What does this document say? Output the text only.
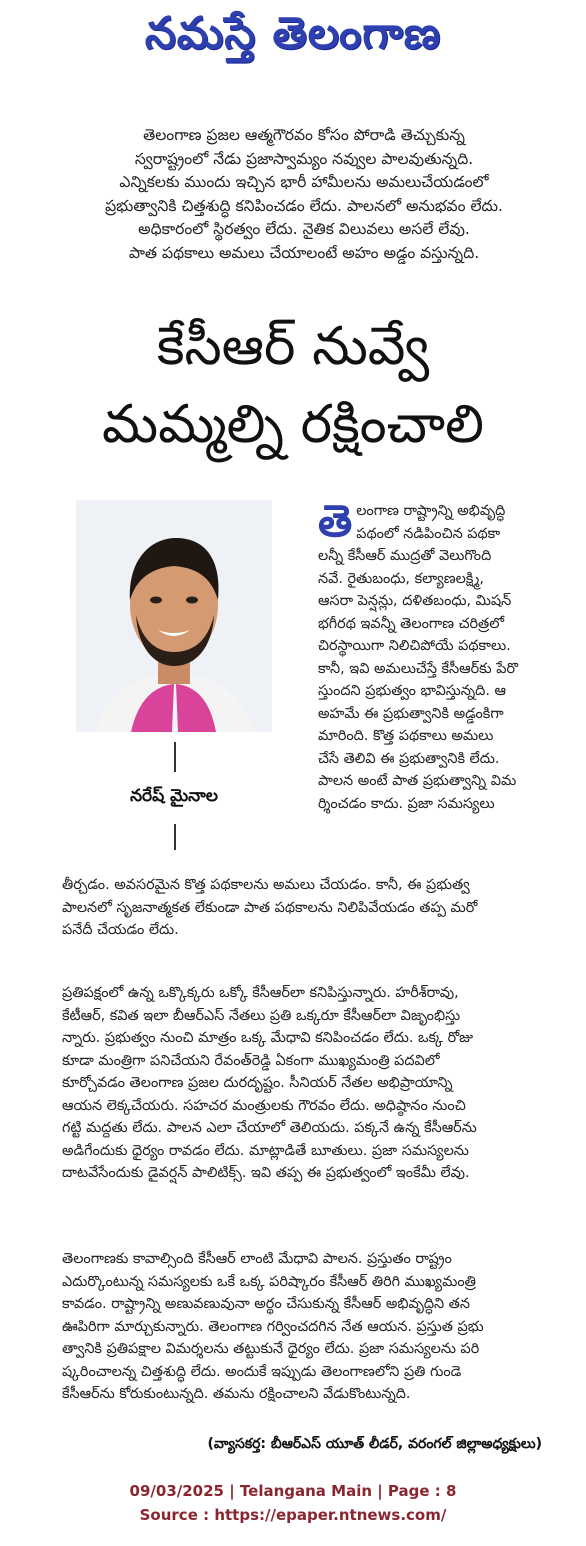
నమస్తే తెలంగాణ

తెలంగాణ ప్రజల ఆత్మగౌరవం కోసం పోరాడి తెచ్చుకున్న

స్వరాష్ట్రంలో నేడు ప్రజాస్వామ్యం నవ్వుల పాలవుతున్నది.

ఎన్నికలకు ముందు ఇచ్చిన భారీ హామీలను అమలుచేయడంలో

ప్రభుత్వానికి చిత్తశుద్ధి కనిపించడం లేదు. పాలనలో అనుభవం లేదు.

అధికారంలో స్థిరత్వం లేదు. నైతిక విలువలు అసలే లేవు.

పాత పథకాలు అమలు చేయాలంటే అహం అడ్డం వస్తున్నది.

కేసీఆర్ నువ్వే
మమ్మల్ని రక్షించాలి
నరేష్ మైనాల
తె లంగాణ రాష్ట్రాన్ని అభివృద్ధి

పథంలో నడిపించిన పథకా

లన్నీ కేసీఆర్ ముద్రతో వెలుగొంది

నవే. రైతుబంధు, కల్యాణలక్ష్మి,

ఆసరా పెన్షన్లు, దళితబంధు, మిషన్

భగీరథ ఇవన్నీ తెలంగాణ చరిత్రలో

చిరస్థాయిగా నిలిచిపోయే పథకాలు.

కానీ, ఇవి అమలుచేస్తే కేసీఆర్‌కు పేరొ

స్తుందని ప్రభుత్వం భావిస్తున్నది. ఆ

అహమే ఈ ప్రభుత్వానికి అడ్డంకిగా

మారింది. కొత్త పథకాలు అమలు

చేసే తెలివి ఈ ప్రభుత్వానికి లేదు.

పాలన అంటే పాత ప్రభుత్వాన్ని విమ

ర్శించడం కాదు. ప్రజా సమస్యలు

తీర్చడం. అవసరమైన కొత్త పథకాలను అమలు చేయడం. కానీ, ఈ ప్రభుత్వ

పాలనలో సృజనాత్మకత లేకుండా పాత పథకాలను నిలిపివేయడం తప్ప మరో

పనేదీ చేయడం లేదు.

ప్రతిపక్షంలో ఉన్న ఒక్కొక్కరు ఒక్కో కేసీఆర్‌లా కనిపిస్తున్నారు. హరీశ్‌రావు,

కేటీఆర్, కవిత ఇలా బీఆర్‌ఎస్ నేతలు ప్రతి ఒక్కరూ కేసీఆర్‌లా విజృంభిస్తు

న్నారు. ప్రభుత్వం నుంచి మాత్రం ఒక్క మేధావి కనిపించడం లేదు. ఒక్క రోజు

కూడా మంత్రిగా పనిచేయని రేవంత్‌రెడ్డి ఏకంగా ముఖ్యమంత్రి పదవిలో

కూర్చోవడం తెలంగాణ ప్రజల దురదృష్టం. సీనియర్ నేతల అభిప్రాయాన్ని

ఆయన లెక్కచేయరు. సహచర మంత్రులకు గౌరవం లేదు. అధిష్ఠానం నుంచి

గట్టి మద్దతు లేదు. పాలన ఎలా చేయాలో తెలియదు. పక్కనే ఉన్న కేసీఆర్‌ను

అడిగేందుకు ధైర్యం రావడం లేదు. మాట్లాడితే బూతులు. ప్రజా సమస్యలను

దాటవేసేందుకు డైవర్షన్ పాలిటిక్స్. ఇవి తప్ప ఈ ప్రభుత్వంలో ఇంకేమీ లేవు.

తెలంగాణకు కావాల్సింది కేసీఆర్ లాంటి మేధావి పాలన. ప్రస్తుతం రాష్ట్రం

ఎదుర్కొంటున్న సమస్యలకు ఒకే ఒక్క పరిష్కారం కేసీఆర్ తిరిగి ముఖ్యమంత్రి

కావడం. రాష్ట్రాన్ని అణువణువునా అర్థం చేసుకున్న కేసీఆర్ అభివృద్ధిని తన

ఊపిరిగా మార్చుకున్నారు. తెలంగాణ గర్వించదగిన నేత ఆయన. ప్రస్తుత ప్రభు

త్వానికి ప్రతిపక్షాల విమర్శలను తట్టుకునే ధైర్యం లేదు. ప్రజా సమస్యలను పరి

ష్కరించాలన్న చిత్తశుద్ధి లేదు. అందుకే ఇప్పుడు తెలంగాణలోని ప్రతి గుండె

కేసీఆర్‌ను కోరుకుంటున్నది. తమను రక్షించాలని వేడుకొంటున్నది.

(వ్యాసకర్త: బీఆర్‌ఎస్ యూత్ లీడర్, వరంగల్ జిల్లాఅధ్యక్షులు)
09/03/2025 | Telangana Main | Page : 8
Source : https://epaper.ntnews.com/
